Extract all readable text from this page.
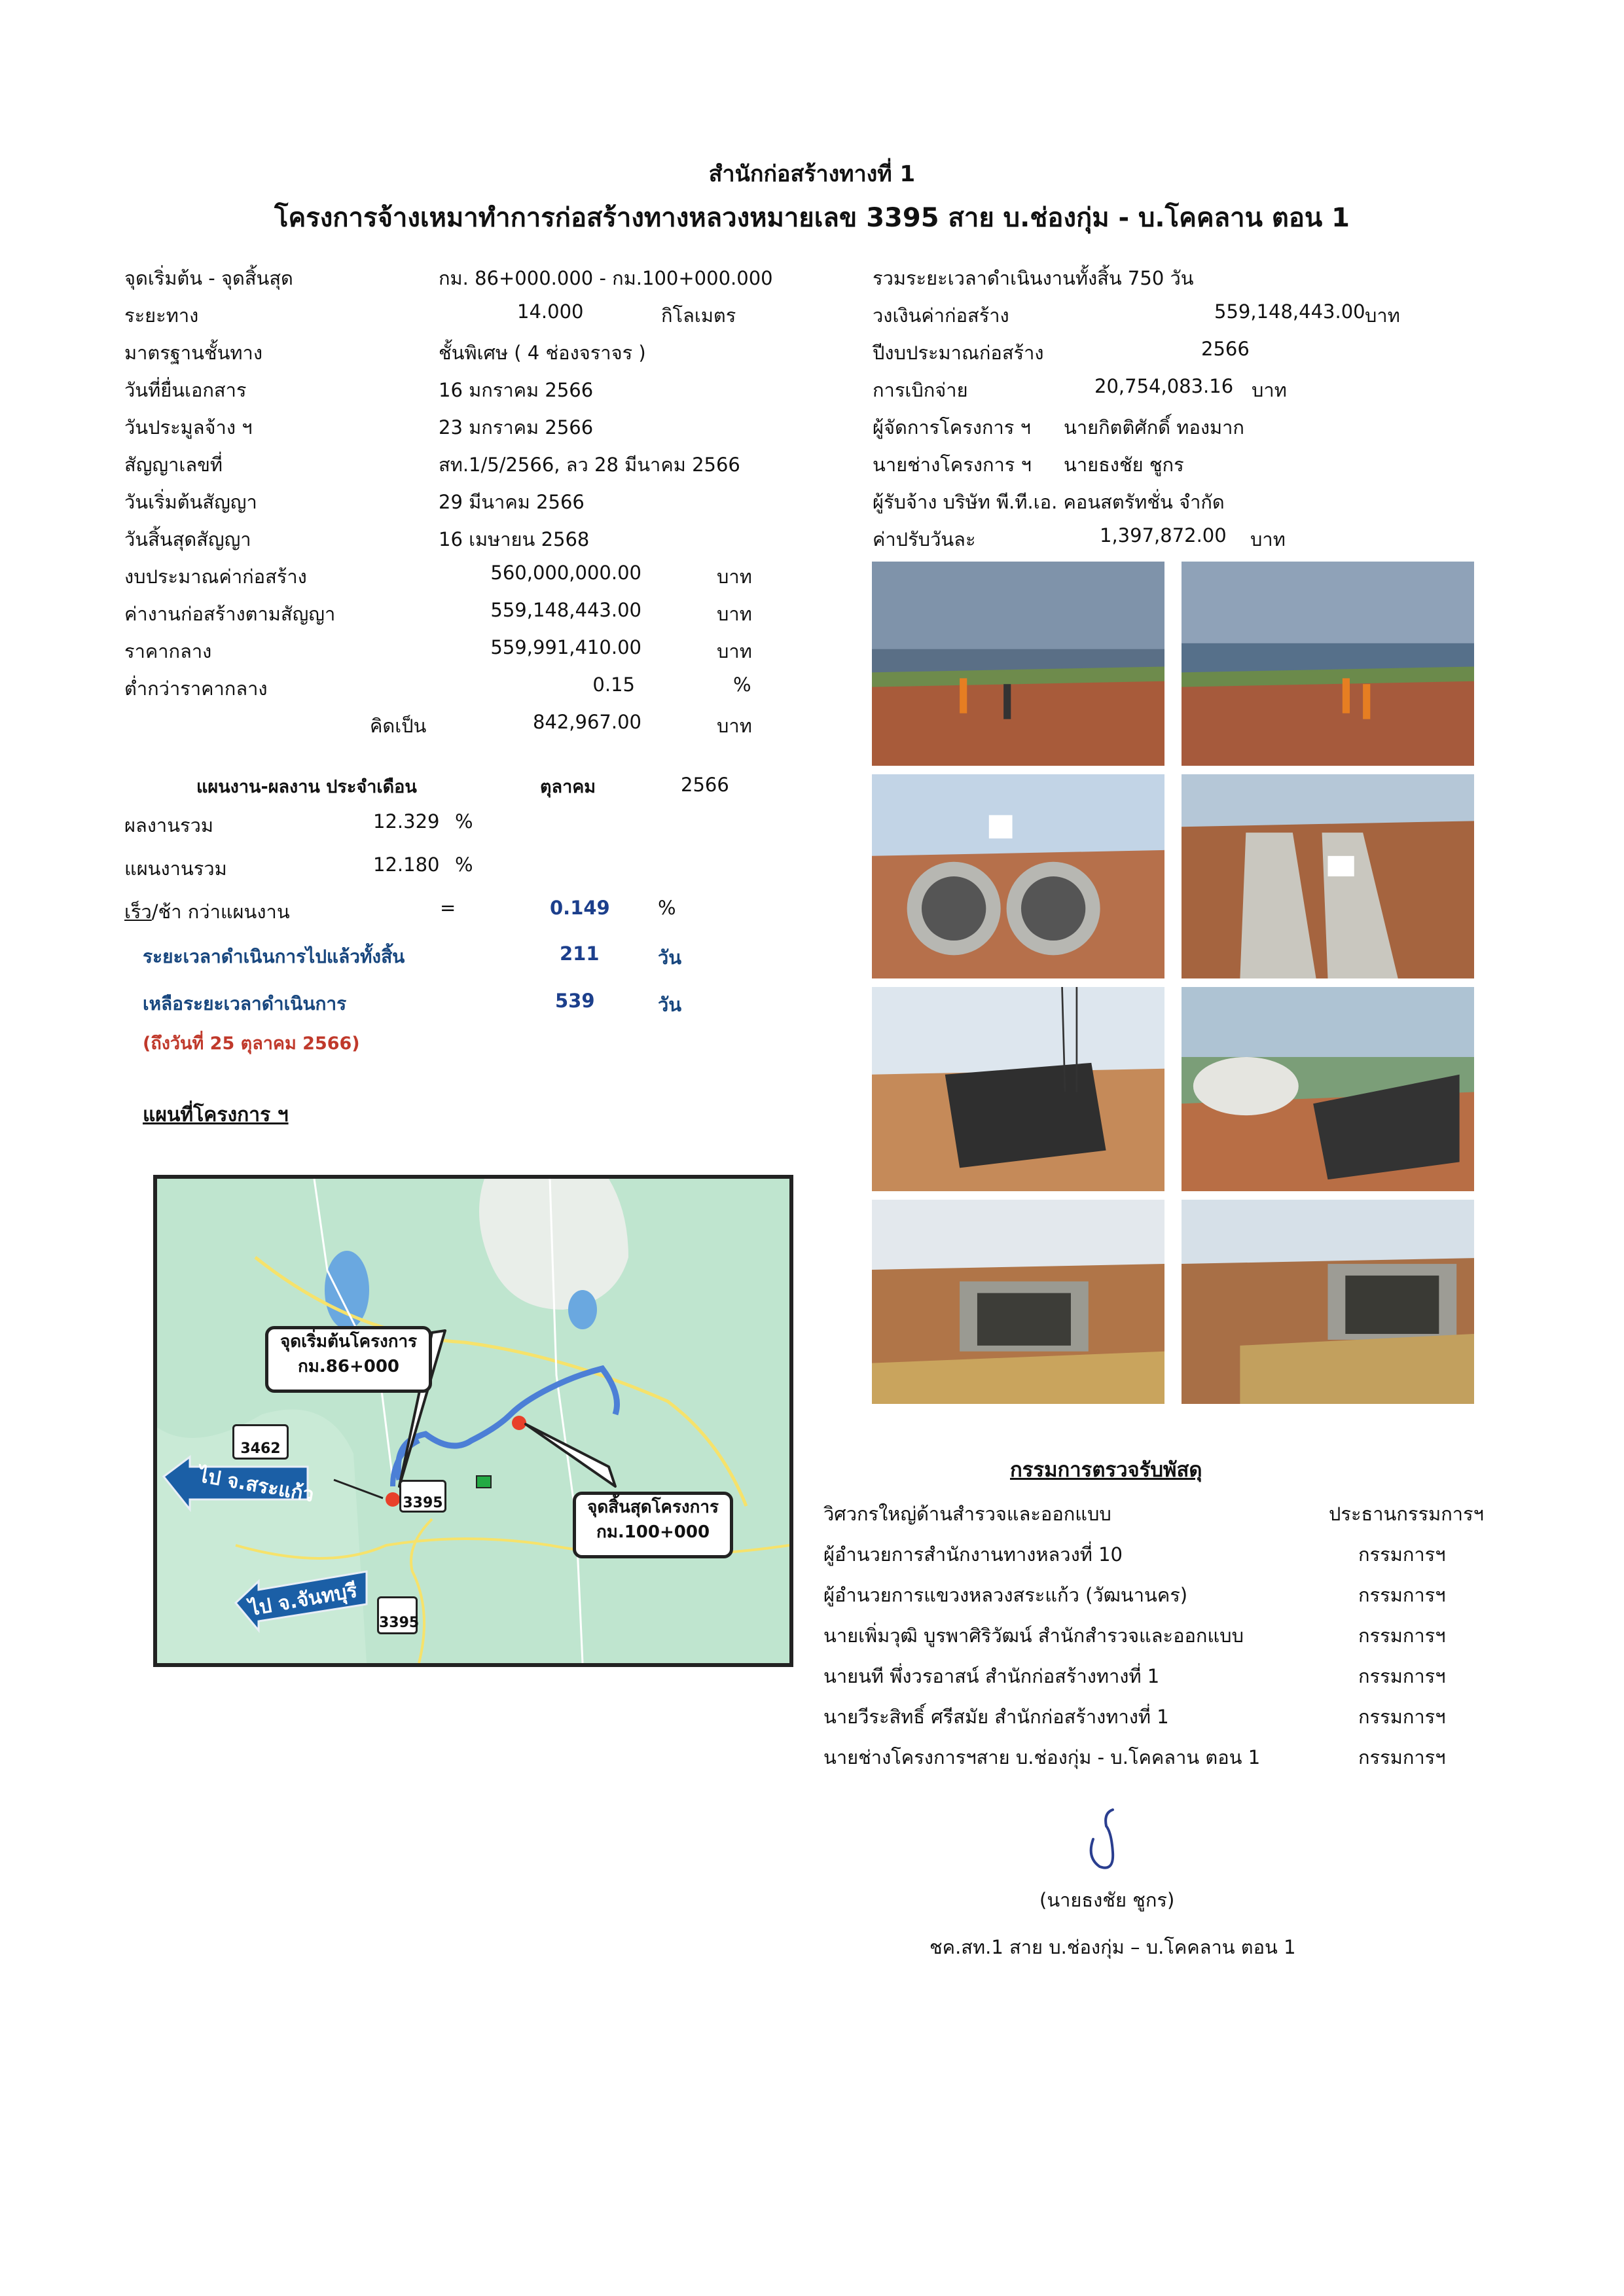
สำนักก่อสร้างทางที่ 1
โครงการจ้างเหมาทำการก่อสร้างทางหลวงหมายเลข 3395 สาย บ.ช่องกุ่ม - บ.โคคลาน ตอน 1
จุดเริ่มต้น - จุดสิ้นสุด	กม. 86+000.000 - กม.100+000.000
ระยะทาง	14.000	กิโลเมตร
มาตรฐานชั้นทาง	ชั้นพิเศษ ( 4 ช่องจราจร )
วันที่ยื่นเอกสาร	16 มกราคม 2566
วันประมูลจ้าง ฯ	23 มกราคม 2566
สัญญาเลขที่	สท.1/5/2566, ลว 28 มีนาคม 2566
วันเริ่มต้นสัญญา	29 มีนาคม 2566
วันสิ้นสุดสัญญา	16 เมษายน 2568
งบประมาณค่าก่อสร้าง	560,000,000.00	บาท
ค่างานก่อสร้างตามสัญญา	559,148,443.00	บาท
ราคากลาง	559,991,410.00	บาท
ต่ำกว่าราคากลาง	0.15	%
คิดเป็น	842,967.00	บาท
รวมระยะเวลาดำเนินงานทั้งสิ้น 750 วัน
วงเงินค่าก่อสร้าง	559,148,443.00 บาท
ปีงบประมาณก่อสร้าง	2566
การเบิกจ่าย	20,754,083.16 บาท
ผู้จัดการโครงการ ฯ นายกิตติศักดิ์ ทองมาก
นายช่างโครงการ ฯ นายธงชัย ชูกร
ผู้รับจ้าง บริษัท พี.ที.เอ. คอนสตรัทชั่น จำกัด
ค่าปรับวันละ	1,397,872.00 บาท
แผนงาน-ผลงาน ประจำเดือน	ตุลาคม	2566
ผลงานรวม	12.329 %
แผนงานรวม	12.180 %
เร็ว/ช้า กว่าแผนงาน	=	0.149	%
ระยะเวลาดำเนินการไปแล้วทั้งสิ้น	211	วัน
เหลือระยะเวลาดำเนินการ	539	วัน
(ถึงวันที่ 25 ตุลาคม 2566)
แผนที่โครงการ ฯ
จุดเริ่มต้นโครงการ
กม.86+000
จุดสิ้นสุดโครงการ
กม.100+000
3462
3395
3395
ไป จ.สระแก้ว
ไป จ.จันทบุรี
กรรมการตรวจรับพัสดุ
วิศวกรใหญ่ด้านสำรวจและออกแบบ	ประธานกรรมการฯ
ผู้อำนวยการสำนักงานทางหลวงที่ 10	กรรมการฯ
ผู้อำนวยการแขวงหลวงสระแก้ว (วัฒนานคร)	กรรมการฯ
นายเพิ่มวุฒิ บูรพาศิริวัฒน์ สำนักสำรวจและออกแบบ	กรรมการฯ
นายนที พึ่งวรอาสน์ สำนักก่อสร้างทางที่ 1	กรรมการฯ
นายวีระสิทธิ์ ศรีสมัย สำนักก่อสร้างทางที่ 1	กรรมการฯ
นายช่างโครงการฯสาย บ.ช่องกุ่ม - บ.โคคลาน ตอน 1	กรรมการฯ
(นายธงชัย ชูกร)
ชค.สท.1 สาย บ.ช่องกุ่ม – บ.โคคลาน ตอน 1
